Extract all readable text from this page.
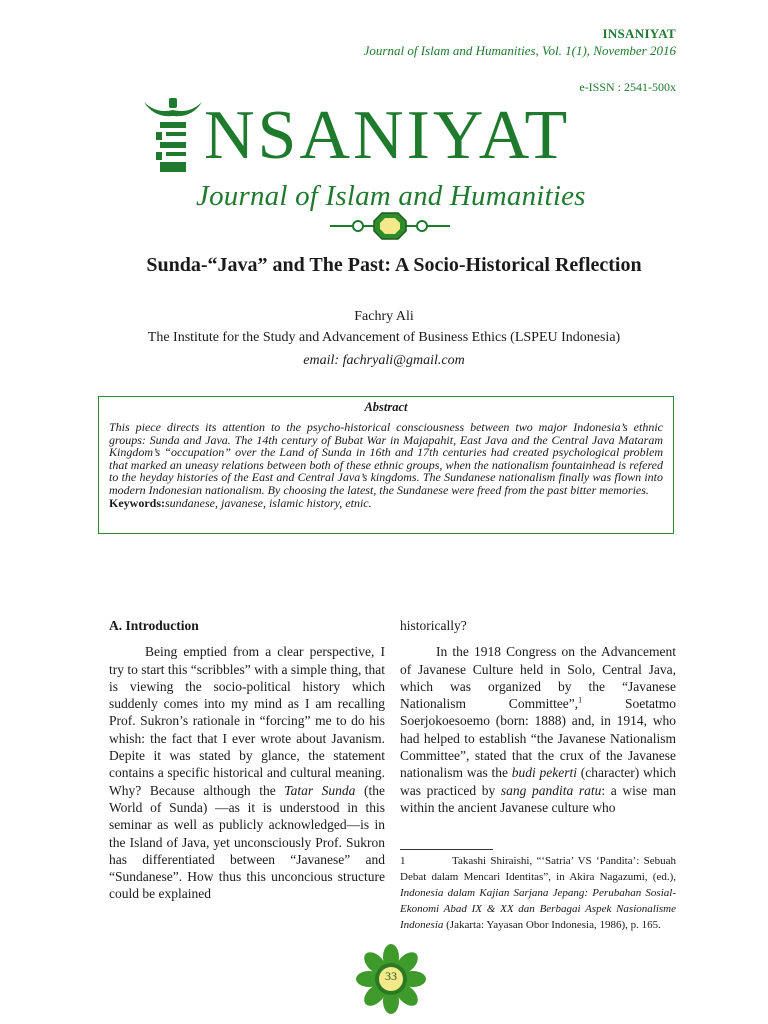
INSANIYAT
Journal of Islam and Humanities, Vol. 1(1), November 2016
e-ISSN : 2541-500x
NSANIYAT
Journal of Islam and Humanities
Sunda-“Java” and The Past: A Socio-Historical Reflection
Fachry Ali
The Institute for the Study and Advancement of Business Ethics (LSPEU Indonesia)
email: fachryali@gmail.com
Abstract
This piece directs its attention to the psycho-historical consciousness between two major Indonesia’s ethnic groups: Sunda and Java. The 14th century of Bubat War in Majapahit, East Java and the Central Java Mataram Kingdom’s “occupation” over the Land of Sunda in 16th and 17th centuries had created psychological problem that marked an uneasy relations between both of these ethnic groups, when the nationalism fountainhead is refered to the heyday histories of the East and Central Java’s kingdoms. The Sundanese nationalism finally was flown into modern Indonesian nationalism. By choosing the latest, the Sundanese were freed from the past bitter memories.
Keywords:sundanese, javanese, islamic history, etnic.

A. Introduction

Being emptied from a clear perspective, I try to start this “scribbles” with a simple thing, that is viewing the socio-political history which suddenly comes into my mind as I am recalling Prof. Sukron’s rationale in “forcing” me to do his whish: the fact that I ever wrote about Javanism. Depite it was stated by glance, the statement contains a specific historical and cultural meaning. Why? Because although the Tatar Sunda (the World of Sunda) —as it is understood in this seminar as well as publicly acknowledged—is in the Island of Java, yet unconsciously Prof. Sukron has differentiated between “Javanese” and “Sundanese”. How thus this unconcious structure could be explained

historically?

In the 1918 Congress on the Advancement of Javanese Culture held in Solo, Central Java, which was organized by the “Javanese Nationalism Committee”,$^1$ Soetatmo Soerjokoesoemo (born: 1888) and, in 1914, who had helped to establish “the Javanese Nationalism Committee”, stated that the crux of the Javanese nationalism was the budi pekerti (character) which was practiced by sang pandita ratu: a wise man within the ancient Javanese culture who

1	Takashi Shiraishi, “‘Satria’ VS ‘Pandita’: Sebuah Debat dalam Mencari Identitas”, in Akira Nagazumi, (ed.), Indonesia dalam Kajian Sarjana Jepang: Perubahan Sosial-Ekonomi Abad IX & XX dan Berbagai Aspek Nasionalisme Indonesia (Jakarta: Yayasan Obor Indonesia, 1986), p. 165.
33
